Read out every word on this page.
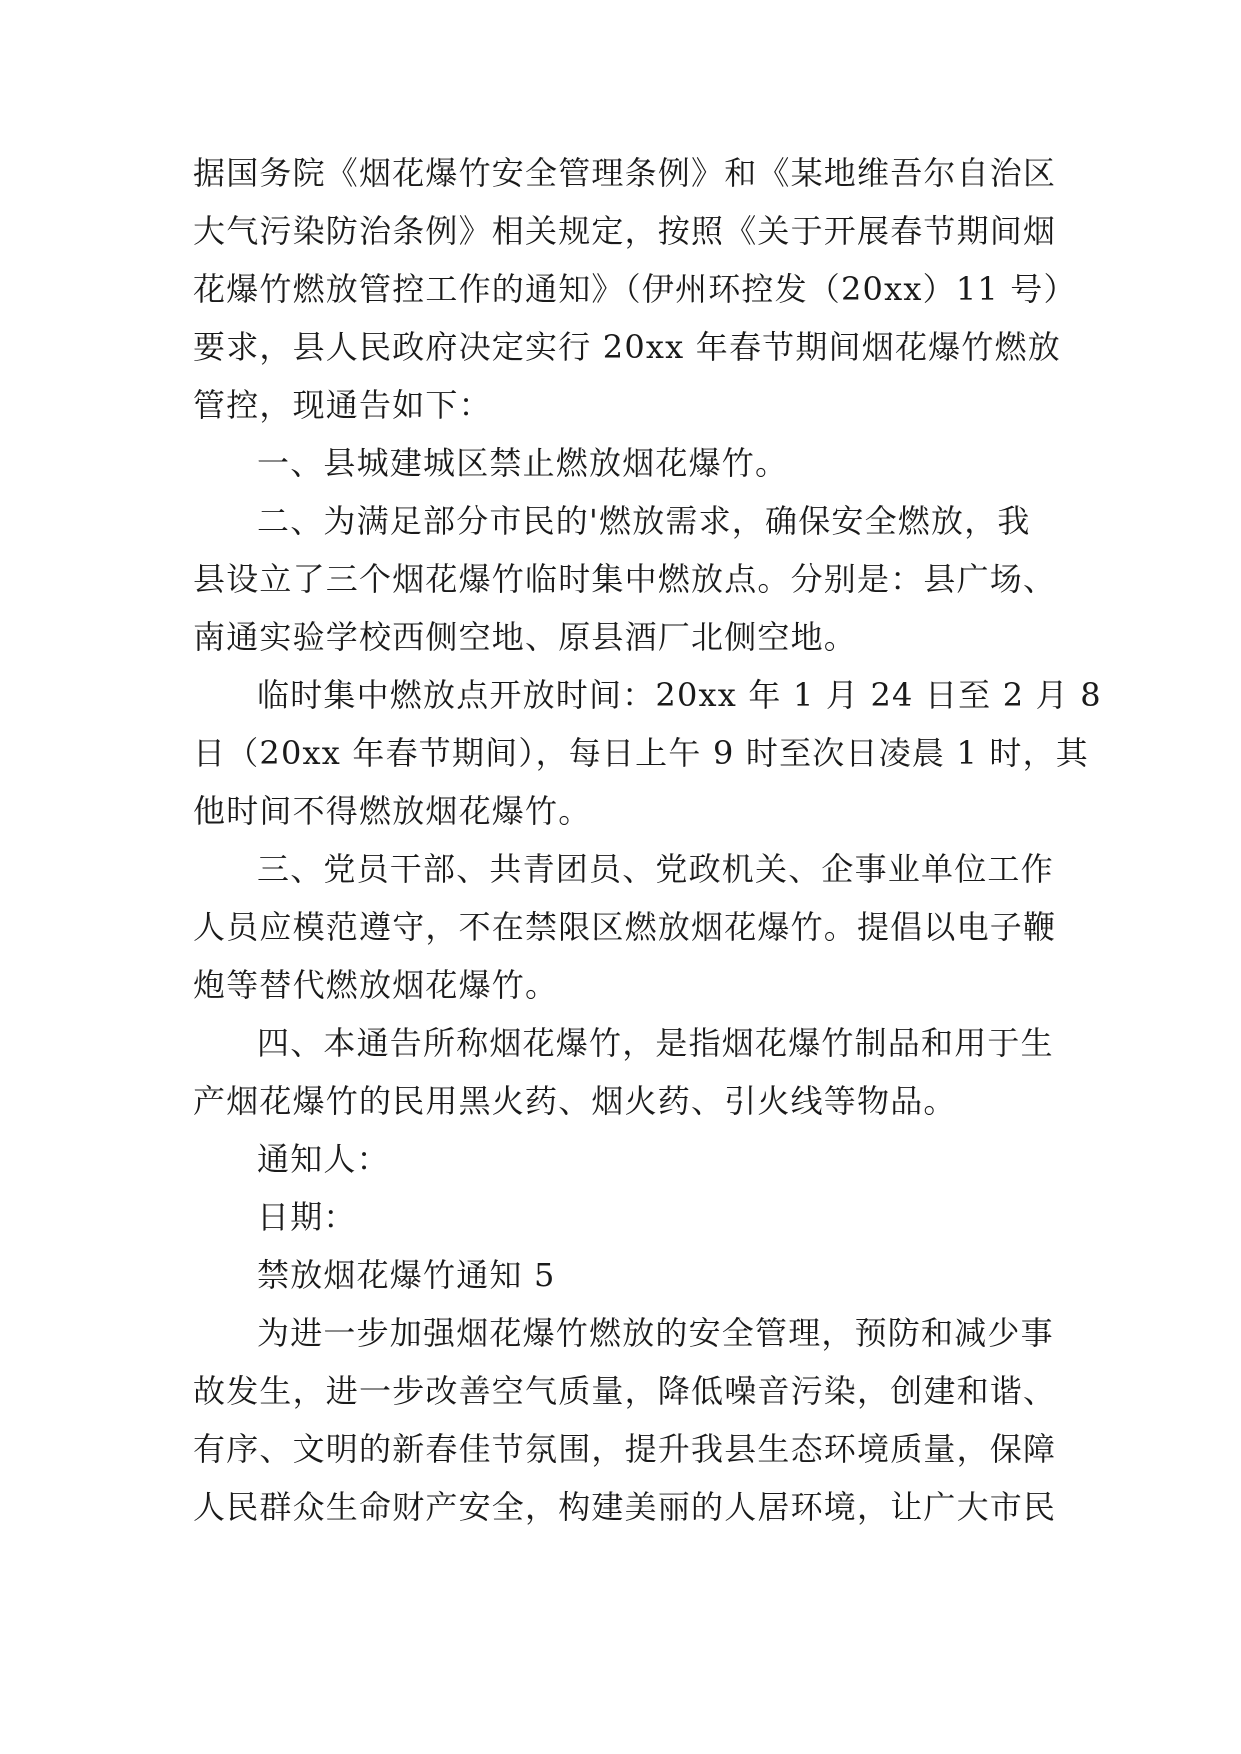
据国务院《烟花爆竹安全管理条例》和《某地维吾尔自治区
大气污染防治条例》相关规定，按照《关于开展春节期间烟
花爆竹燃放管控工作的通知》（伊州环控发（20xx）11 号）
要求，县人民政府决定实行 20xx 年春节期间烟花爆竹燃放
管控，现通告如下：
一、县城建城区禁止燃放烟花爆竹。
二、为满足部分市民的'燃放需求，确保安全燃放，我
县设立了三个烟花爆竹临时集中燃放点。分别是：县广场、
南通实验学校西侧空地、原县酒厂北侧空地。
临时集中燃放点开放时间：20xx 年 1 月 24 日至 2 月 8
日（20xx 年春节期间），每日上午 9 时至次日凌晨 1 时，其
他时间不得燃放烟花爆竹。
三、党员干部、共青团员、党政机关、企事业单位工作
人员应模范遵守，不在禁限区燃放烟花爆竹。提倡以电子鞭
炮等替代燃放烟花爆竹。
四、本通告所称烟花爆竹，是指烟花爆竹制品和用于生
产烟花爆竹的民用黑火药、烟火药、引火线等物品。
通知人：
日期：
禁放烟花爆竹通知 5
为进一步加强烟花爆竹燃放的安全管理，预防和减少事
故发生，进一步改善空气质量，降低噪音污染，创建和谐、
有序、文明的新春佳节氛围，提升我县生态环境质量，保障
人民群众生命财产安全，构建美丽的人居环境，让广大市民
